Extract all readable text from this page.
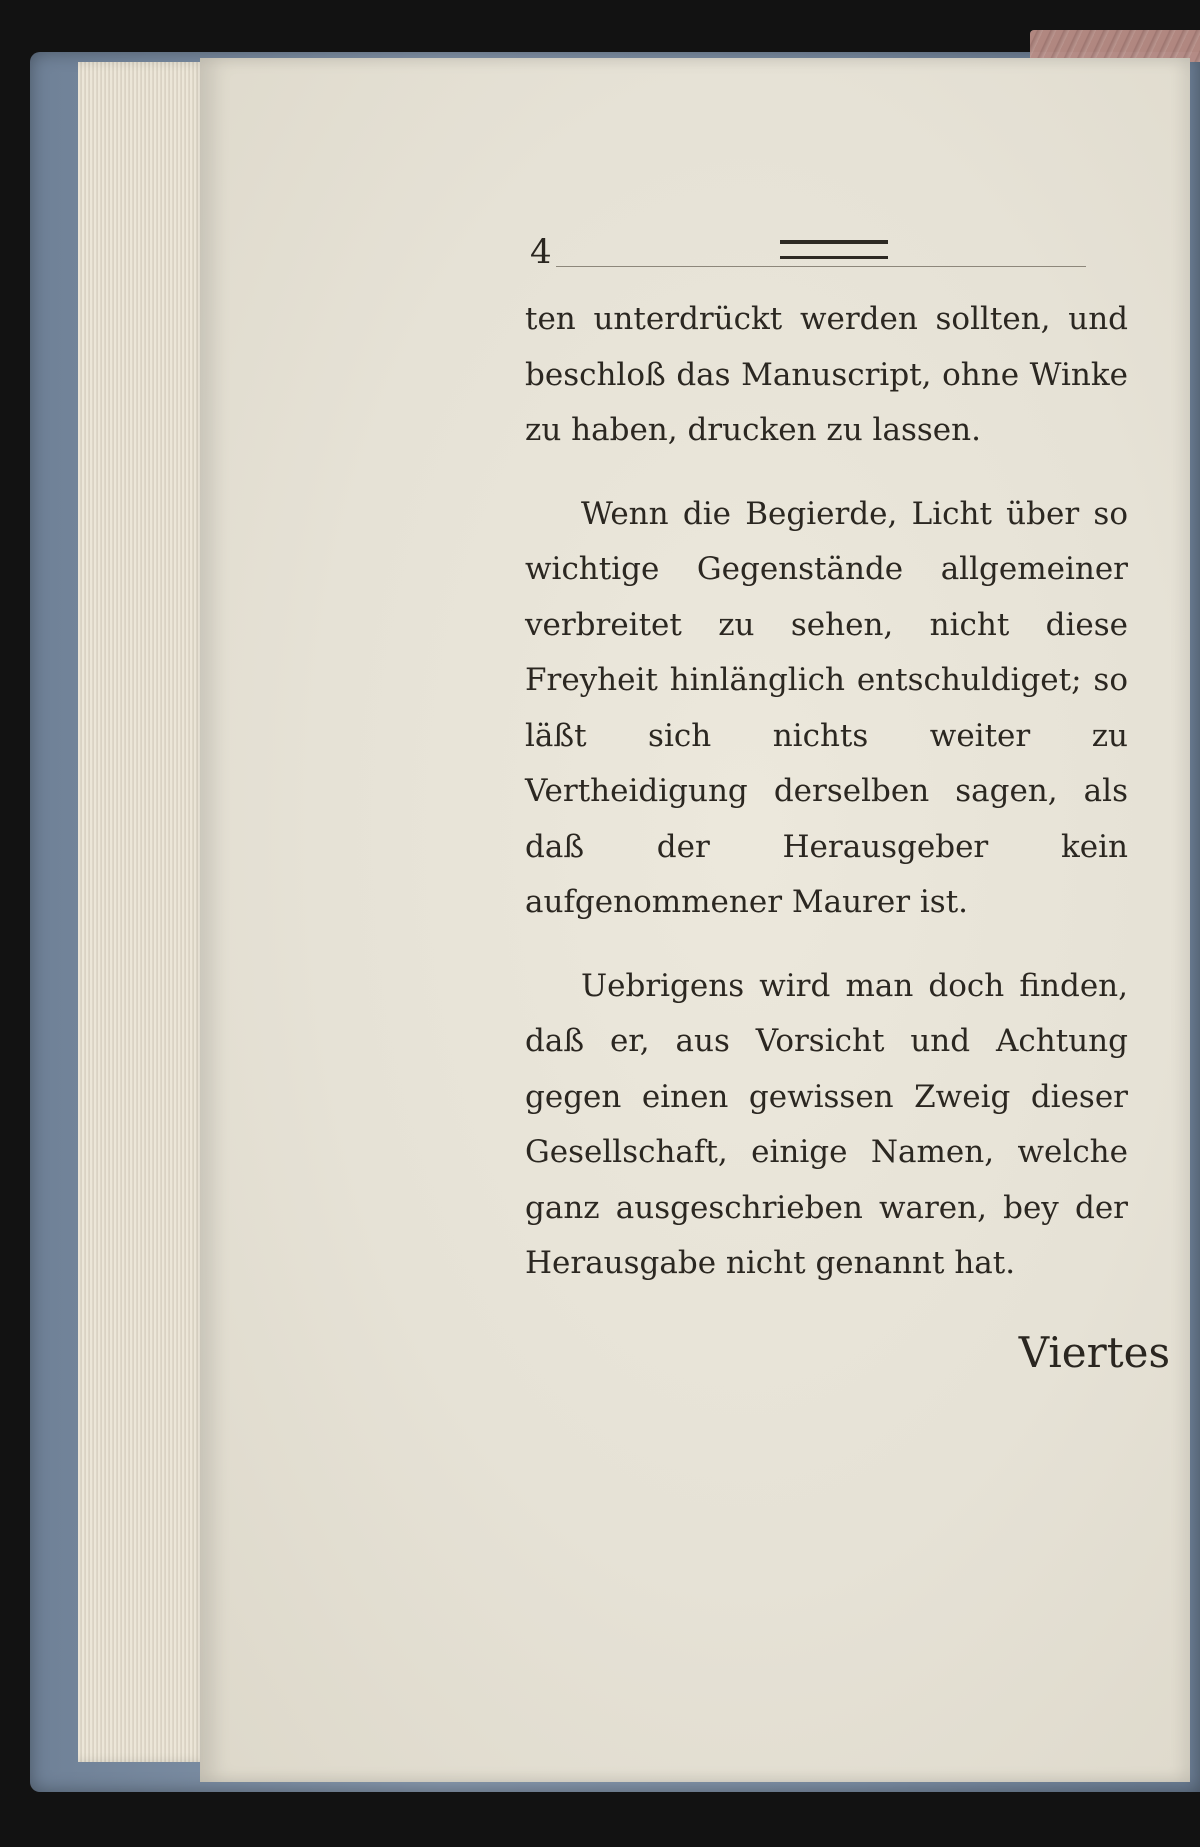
4

ten unterdrückt werden sollten, und beschloß das Manuscript, ohne Winke zu haben, drucken zu lassen.

Wenn die Begierde, Licht über so wichtige Gegenstände allgemeiner verbreitet zu sehen, nicht diese Freyheit hinlänglich entschuldiget; so läßt sich nichts weiter zu Vertheidigung derselben sagen, als daß der Herausgeber kein aufgenommener Maurer ist.

Uebrigens wird man doch finden, daß er, aus Vorsicht und Achtung gegen einen gewissen Zweig dieser Gesellschaft, einige Namen, welche ganz ausgeschrieben waren, bey der Herausgabe nicht genannt hat.

Viertes
